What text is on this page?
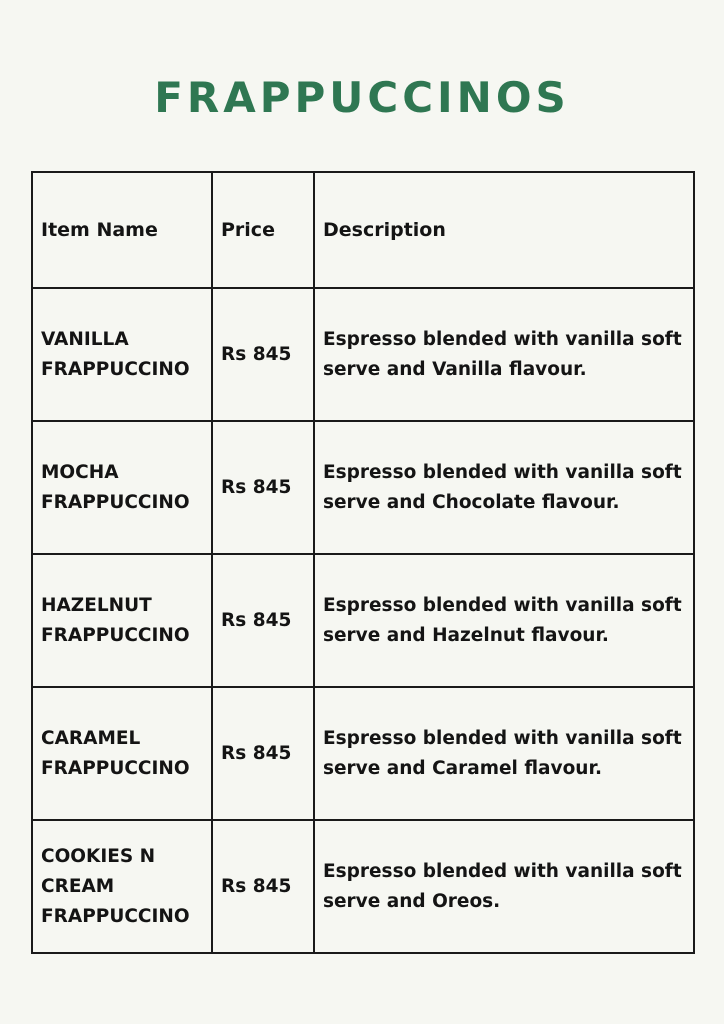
FRAPPUCCINOS
Item Name	Price	Description
VANILLA
FRAPPUCCINO	Rs 845	Espresso blended with vanilla soft serve and Vanilla flavour.
MOCHA
FRAPPUCCINO	Rs 845	Espresso blended with vanilla soft serve and Chocolate flavour.
HAZELNUT
FRAPPUCCINO	Rs 845	Espresso blended with vanilla soft serve and Hazelnut flavour.
CARAMEL
FRAPPUCCINO	Rs 845	Espresso blended with vanilla soft serve and Caramel flavour.
COOKIES N
CREAM
FRAPPUCCINO	Rs 845	Espresso blended with vanilla soft serve and Oreos.
